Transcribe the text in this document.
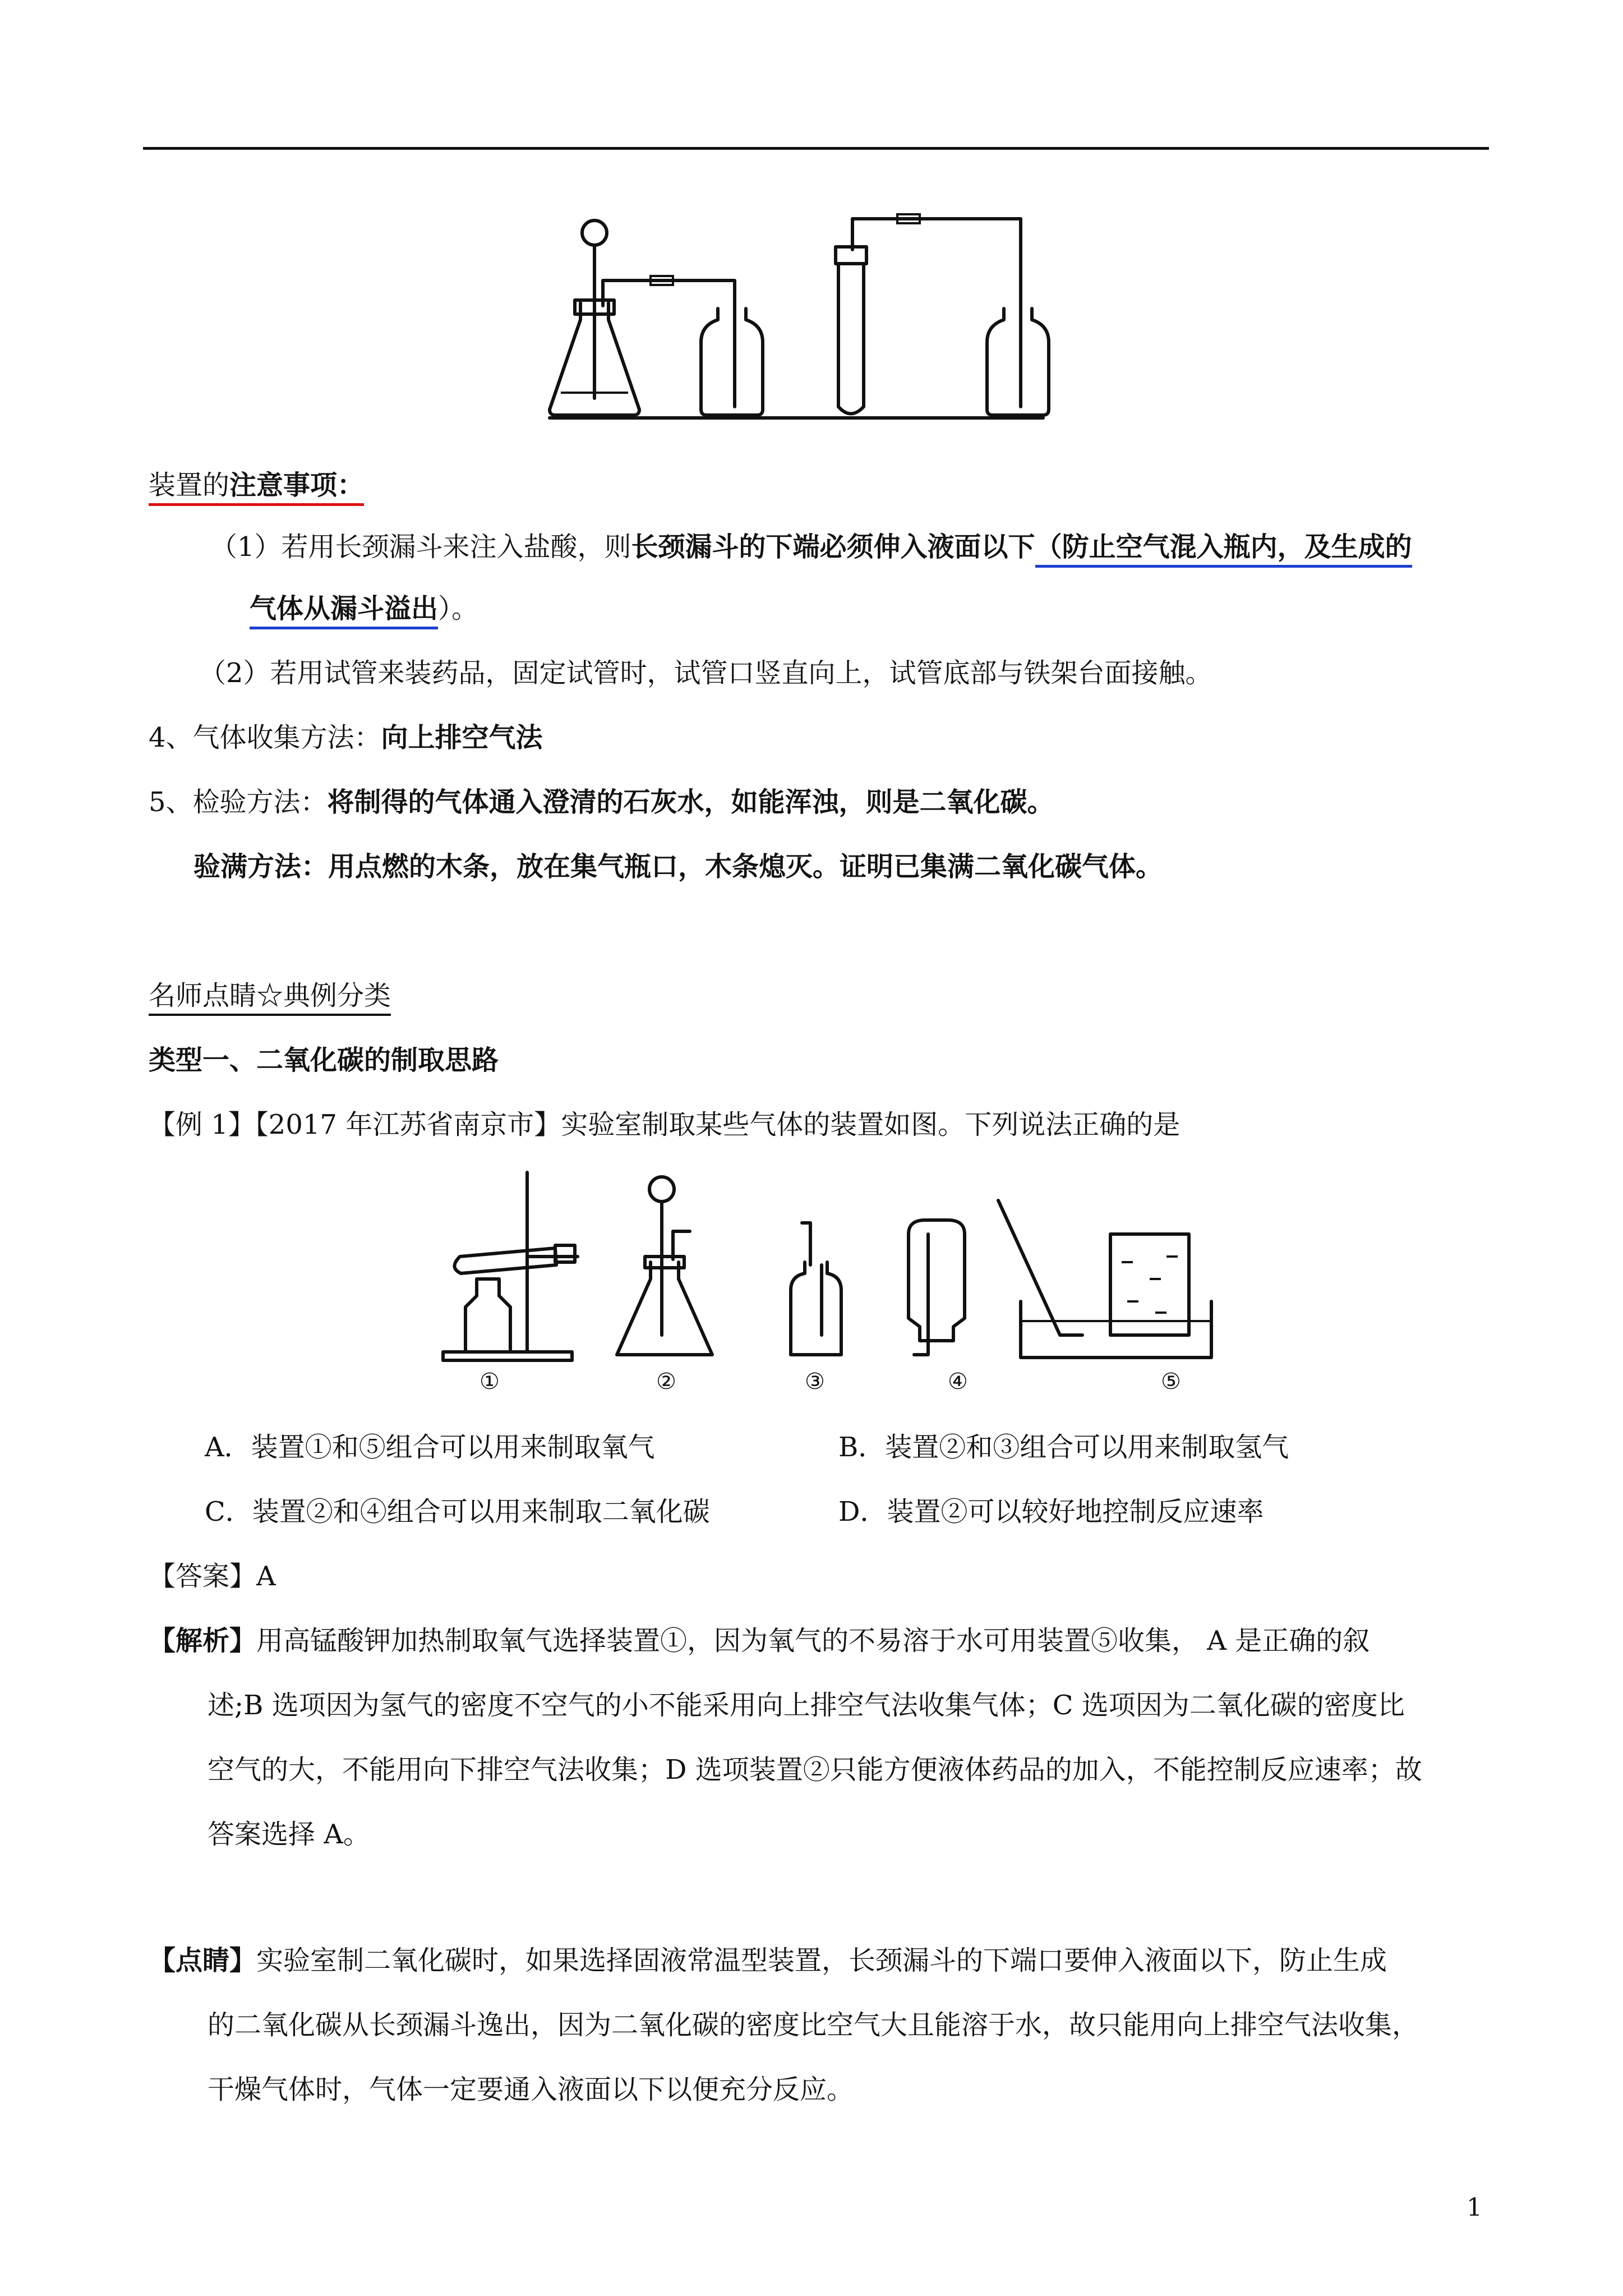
装置的注意事项：
（1）若用长颈漏斗来注入盐酸，则长颈漏斗的下端必须伸入液面以下（防止空气混入瓶内，及生成的
气体从漏斗溢出）。
（2）若用试管来装药品，固定试管时，试管口竖直向上，试管底部与铁架台面接触。
4、气体收集方法：向上排空气法
5、检验方法：将制得的气体通入澄清的石灰水，如能浑浊，则是二氧化碳。
验满方法：用点燃的木条，放在集气瓶口，木条熄灭。证明已集满二氧化碳气体。
名师点睛☆典例分类
类型一、二氧化碳的制取思路
【例 1】【2017 年江苏省南京市】实验室制取某些气体的装置如图。下列说法正确的是
①	②	③	④	⑤
A．装置①和⑤组合可以用来制取氧气	B．装置②和③组合可以用来制取氢气
C．装置②和④组合可以用来制取二氧化碳	D．装置②可以较好地控制反应速率
【答案】A
【解析】用高锰酸钾加热制取氧气选择装置①，因为氧气的不易溶于水可用装置⑤收集， A 是正确的叙
述;B 选项因为氢气的密度不空气的小不能采用向上排空气法收集气体；C 选项因为二氧化碳的密度比
空气的大，不能用向下排空气法收集；D 选项装置②只能方便液体药品的加入，不能控制反应速率；故
答案选择 A。
【点睛】实验室制二氧化碳时，如果选择固液常温型装置，长颈漏斗的下端口要伸入液面以下，防止生成
的二氧化碳从长颈漏斗逸出，因为二氧化碳的密度比空气大且能溶于水，故只能用向上排空气法收集，
干燥气体时，气体一定要通入液面以下以便充分反应。
1
